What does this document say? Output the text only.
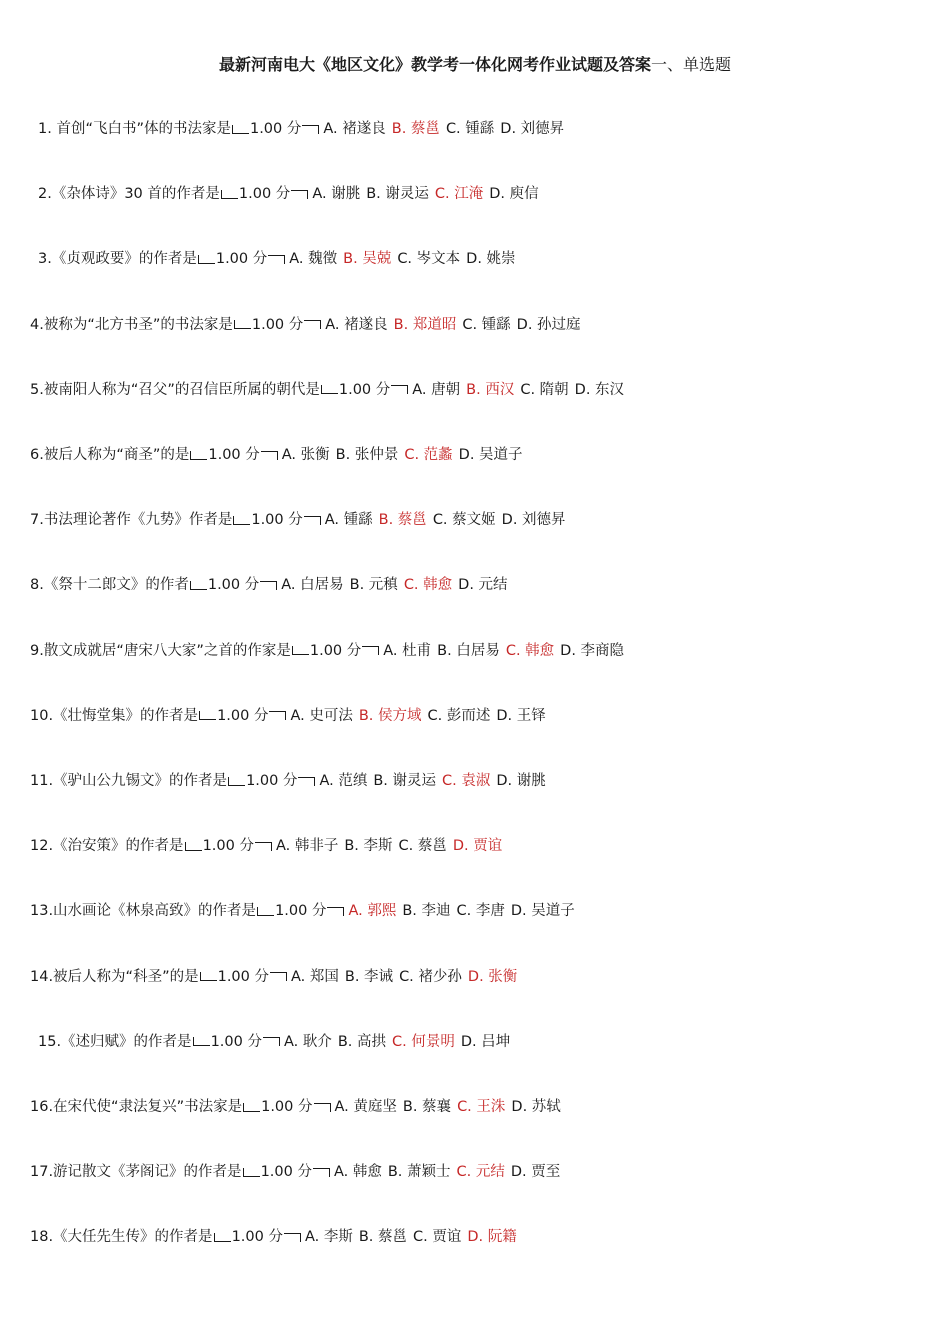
最新河南电大《地区文化》教学考一体化网考作业试题及答案一、单选题
1. 首创“飞白书”体的书法家是 1.00 分 A. 褚遂良 B. 蔡邕 C. 锺繇 D. 刘德昇
2.《杂体诗》30 首的作者是 1.00 分 A. 谢朓 B. 谢灵运 C. 江淹 D. 庾信
3.《贞观政要》的作者是 1.00 分 A. 魏徵 B. 吴兢 C. 岑文本 D. 姚崇
4.被称为“北方书圣”的书法家是 1.00 分 A. 褚遂良 B. 郑道昭 C. 锺繇 D. 孙过庭
5.被南阳人称为“召父”的召信臣所属的朝代是 1.00 分 A. 唐朝 B. 西汉 C. 隋朝 D. 东汉
6.被后人称为“商圣”的是 1.00 分 A. 张衡 B. 张仲景 C. 范蠡 D. 吴道子
7.书法理论著作《九势》作者是 1.00 分 A. 锺繇 B. 蔡邕 C. 蔡文姬 D. 刘德昇
8.《祭十二郎文》的作者 1.00 分 A. 白居易 B. 元稹 C. 韩愈 D. 元结
9.散文成就居“唐宋八大家”之首的作家是 1.00 分 A. 杜甫 B. 白居易 C. 韩愈 D. 李商隐
10.《壮悔堂集》的作者是 1.00 分 A. 史可法 B. 侯方域 C. 彭而述 D. 王铎
11.《驴山公九锡文》的作者是 1.00 分 A. 范缜 B. 谢灵运 C. 袁淑 D. 谢朓
12.《治安策》的作者是 1.00 分 A. 韩非子 B. 李斯 C. 蔡邕 D. 贾谊
13.山水画论《林泉高致》的作者是 1.00 分 A. 郭熙 B. 李迪 C. 李唐 D. 吴道子
14.被后人称为“科圣”的是 1.00 分 A. 郑国 B. 李诫 C. 褚少孙 D. 张衡
15.《述归赋》的作者是 1.00 分 A. 耿介 B. 高拱 C. 何景明 D. 吕坤
16.在宋代使“隶法复兴”书法家是 1.00 分 A. 黄庭坚 B. 蔡襄 C. 王洙 D. 苏轼
17.游记散文《茅阁记》的作者是 1.00 分 A. 韩愈 B. 萧颖士 C. 元结 D. 贾至
18.《大任先生传》的作者是 1.00 分 A. 李斯 B. 蔡邕 C. 贾谊 D. 阮籍
